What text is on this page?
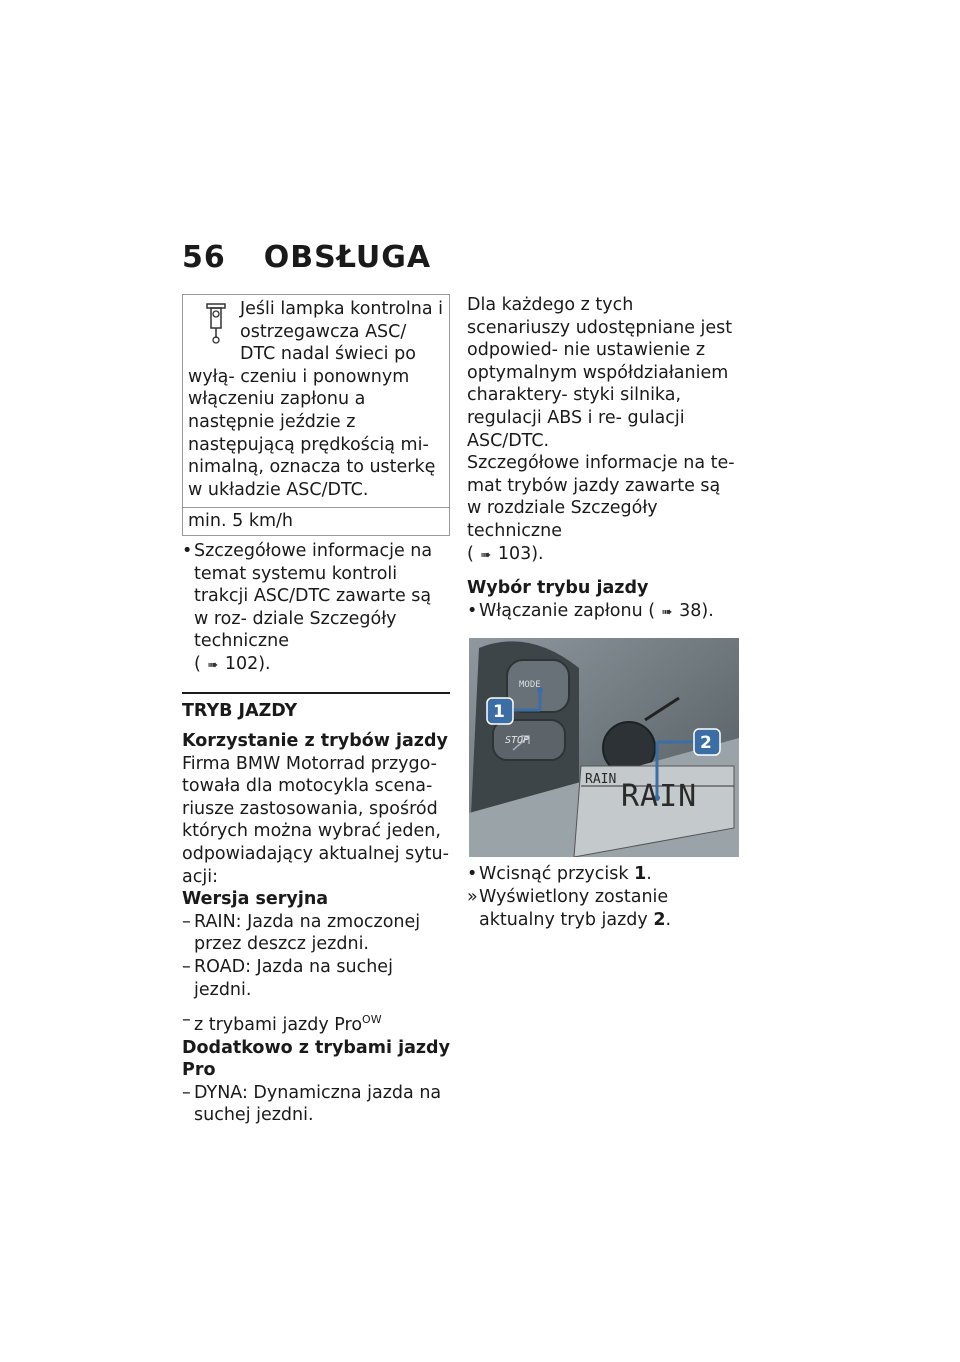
56 OBSŁUGA
Jeśli lampka kontrolna i ostrzegawcza ASC/ DTC nadal świeci po wyłą- czeniu i ponownym włączeniu zapłonu a następnie jeździe z następującą prędkością mi- nimalną, oznacza to usterkę w układzie ASC/DTC.
min. 5 km/h
• Szczegółowe informacje na temat systemu kontroli trakcji ASC/DTC zawarte są w roz- dziale Szczegóły techniczne
( ➠ 102).
TRYB JAZDY
Korzystanie z trybów jazdy
Firma BMW Motorrad przygo- towała dla motocykla scena- riusze zastosowania, spośród których można wybrać jeden, odpowiadający aktualnej sytu- acji:
Wersja seryjna
– RAIN: Jazda na zmoczonej przez deszcz jezdni.
– ROAD: Jazda na suchej jezdni.
– z trybami jazdy Pro$^{OW}$
Dodatkowo z trybami jazdy Pro
– DYNA: Dynamiczna jazda na suchej jezdni.
Dla każdego z tych scenariuszy udostępniane jest odpowied- nie ustawienie z optymalnym współdziałaniem charaktery- styki silnika, regulacji ABS i re- gulacji ASC/DTC.
Szczegółowe informacje na te- mat trybów jazdy zawarte są w rozdziale Szczegóły techniczne
( ➠ 103).
Wybór trybu jazdy
• Włączanie zapłonu ( ➠ 38).
MODE
STOP
1
2
RAIN RAIN
• Wcisnąć przycisk 1.
» Wyświetlony zostanie aktualny tryb jazdy 2.
